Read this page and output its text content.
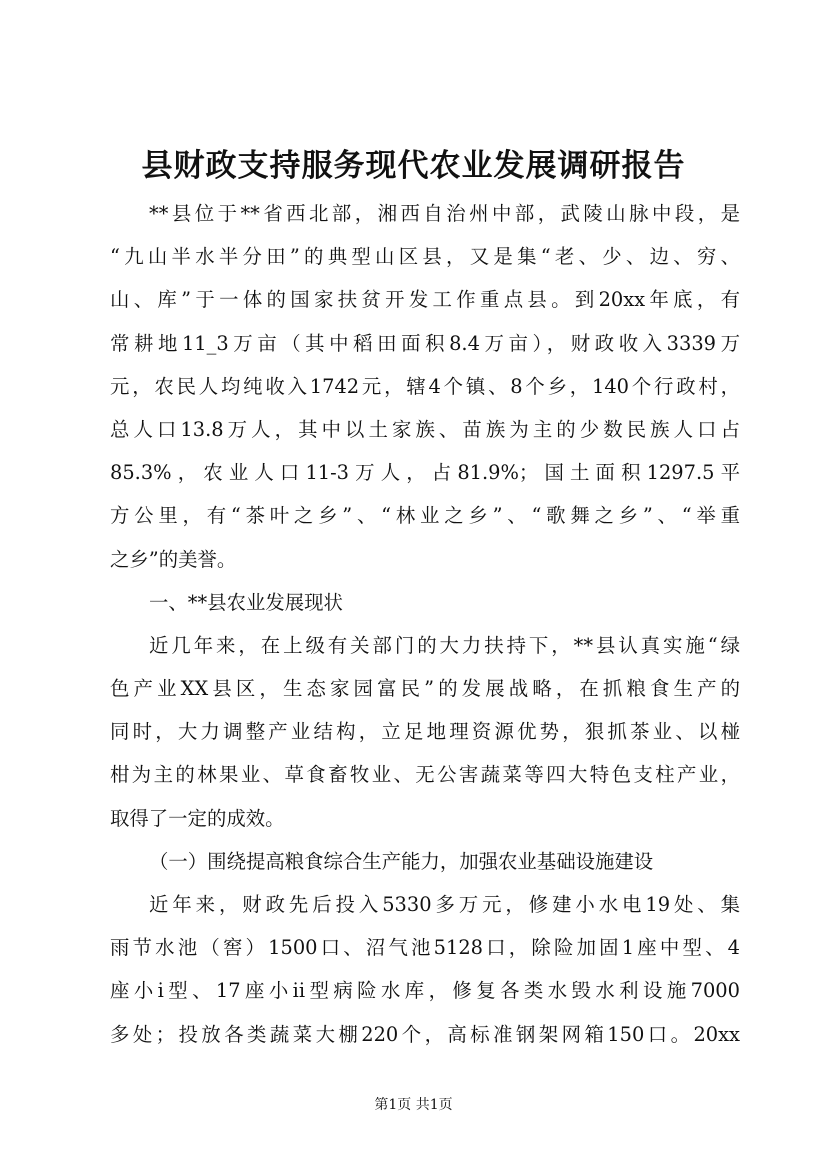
县财政支持服务现代农业发展调研报告
**县位于**省西北部，湘西自治州中部，武陵山脉中段，是
“九山半水半分田”的典型山区县，又是集“老、少、边、穷、
山、库”于一体的国家扶贫开发工作重点县。到20xx年底，有
常耕地11_3万亩（其中稻田面积8.4万亩），财政收入3339万
元，农民人均纯收入1742元，辖4个镇、8个乡，140个行政村，
总人口13.8万人，其中以土家族、苗族为主的少数民族人口占
85.3%，农业人口11-3万人，占81.9%；国土面积1297.5平
方公里，有“茶叶之乡”、“林业之乡”、“歌舞之乡”、“举重
之乡”的美誉。
一、**县农业发展现状
近几年来，在上级有关部门的大力扶持下，**县认真实施“绿
色产业XX县区，生态家园富民”的发展战略，在抓粮食生产的
同时，大力调整产业结构，立足地理资源优势，狠抓茶业、以椪
柑为主的林果业、草食畜牧业、无公害蔬菜等四大特色支柱产业，
取得了一定的成效。
（一）围绕提高粮食综合生产能力，加强农业基础设施建设
近年来，财政先后投入5330多万元，修建小水电19处、集
雨节水池（窖）1500口、沼气池5128口，除险加固1座中型、4
座小i型、17座小ii型病险水库，修复各类水毁水利设施7000
多处；投放各类蔬菜大棚220个，高标准钢架网箱150口。20xx
第1页 共1页
